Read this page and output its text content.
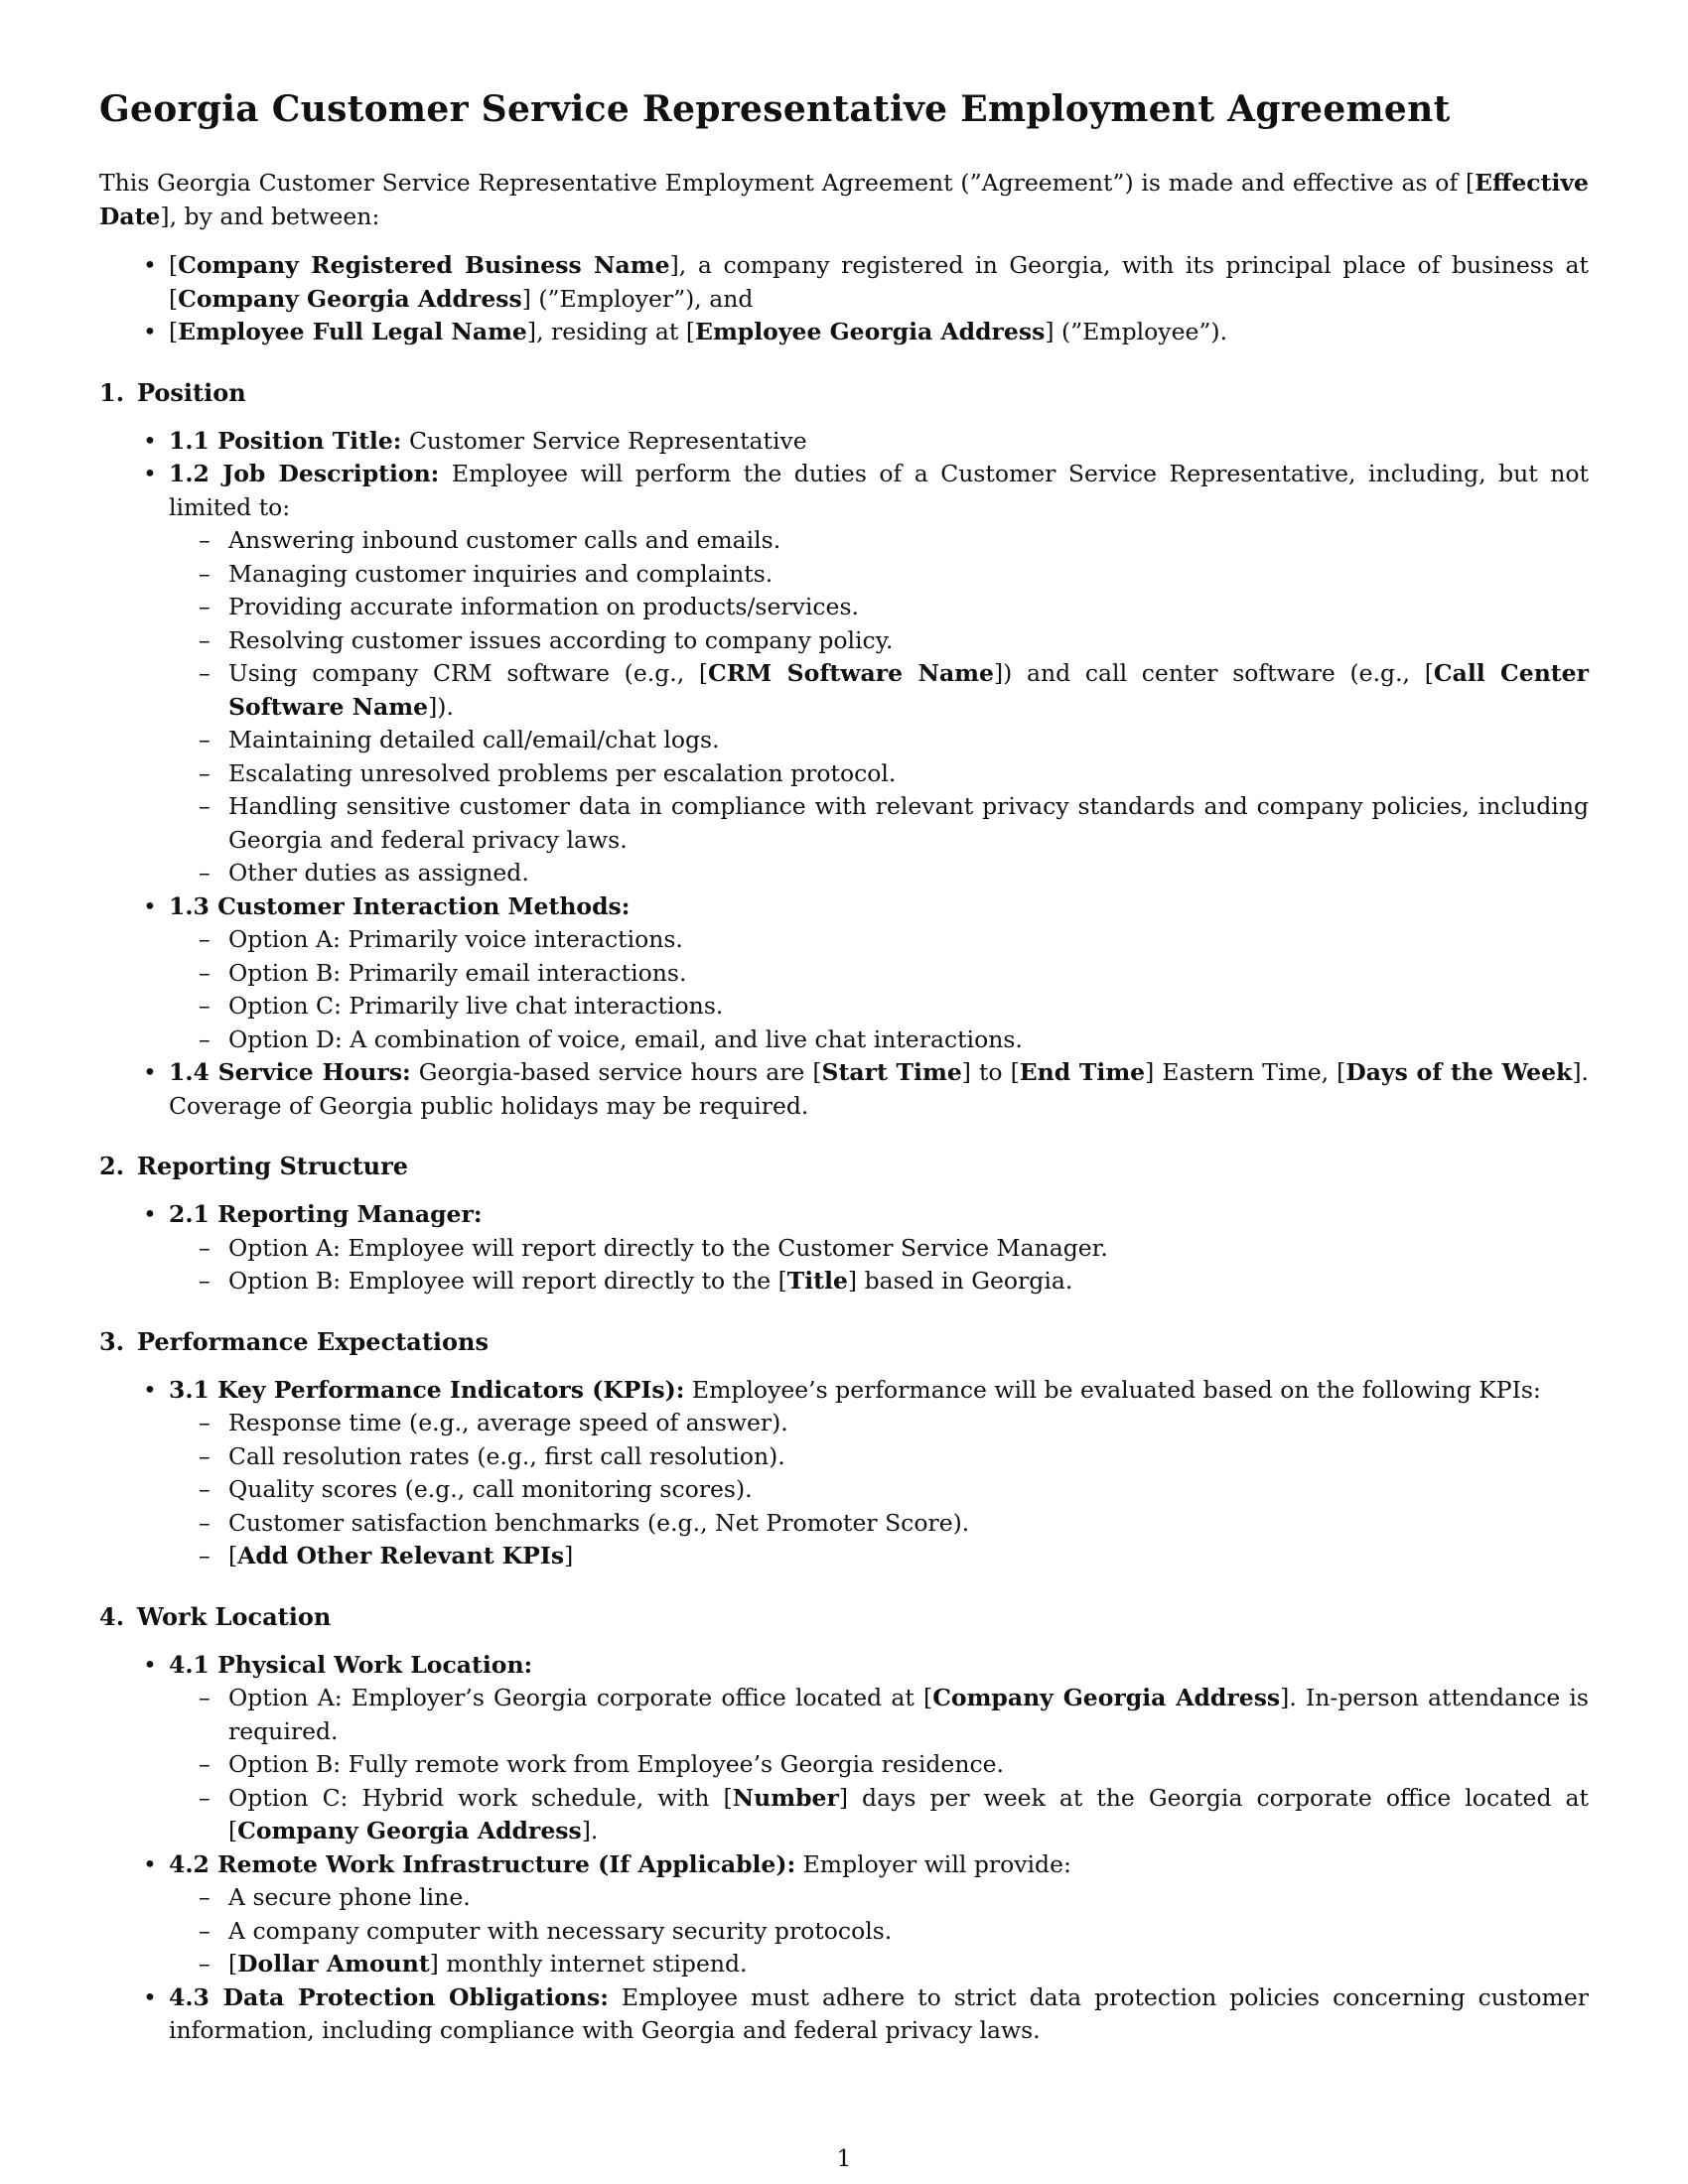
Georgia Customer Service Representative Employment Agreement

This Georgia Customer Service Representative Employment Agreement (”Agreement”) is made and effective as of [Effective Date], by and between:

• [Company Registered Business Name], a company registered in Georgia, with its principal place of business at [Company Georgia Address] (”Employer”), and
• [Employee Full Legal Name], residing at [Employee Georgia Address] (”Employee”).
1. Position
• 1.1 Position Title: Customer Service Representative
• 1.2 Job Description: Employee will perform the duties of a Customer Service Representative, including, but not limited to:
– Answering inbound customer calls and emails.
– Managing customer inquiries and complaints.
– Providing accurate information on products/services.
– Resolving customer issues according to company policy.
– Using company CRM software (e.g., [CRM Software Name]) and call center software (e.g., [Call Center Software Name]).
– Maintaining detailed call/email/chat logs.
– Escalating unresolved problems per escalation protocol.
– Handling sensitive customer data in compliance with relevant privacy standards and company policies, including Georgia and federal privacy laws.
– Other duties as assigned.
• 1.3 Customer Interaction Methods:
– Option A: Primarily voice interactions.
– Option B: Primarily email interactions.
– Option C: Primarily live chat interactions.
– Option D: A combination of voice, email, and live chat interactions.
• 1.4 Service Hours: Georgia-based service hours are [Start Time] to [End Time] Eastern Time, [Days of the Week]. Coverage of Georgia public holidays may be required.
2. Reporting Structure
• 2.1 Reporting Manager:
– Option A: Employee will report directly to the Customer Service Manager.
– Option B: Employee will report directly to the [Title] based in Georgia.
3. Performance Expectations
• 3.1 Key Performance Indicators (KPIs): Employee’s performance will be evaluated based on the following KPIs:
– Response time (e.g., average speed of answer).
– Call resolution rates (e.g., first call resolution).
– Quality scores (e.g., call monitoring scores).
– Customer satisfaction benchmarks (e.g., Net Promoter Score).
– [Add Other Relevant KPIs]
4. Work Location
• 4.1 Physical Work Location:
– Option A: Employer’s Georgia corporate office located at [Company Georgia Address]. In-person attendance is required.
– Option B: Fully remote work from Employee’s Georgia residence.
– Option C: Hybrid work schedule, with [Number] days per week at the Georgia corporate office located at [Company Georgia Address].
• 4.2 Remote Work Infrastructure (If Applicable): Employer will provide:
– A secure phone line.
– A company computer with necessary security protocols.
– [Dollar Amount] monthly internet stipend.
• 4.3 Data Protection Obligations: Employee must adhere to strict data protection policies concerning customer information, including compliance with Georgia and federal privacy laws.
1
